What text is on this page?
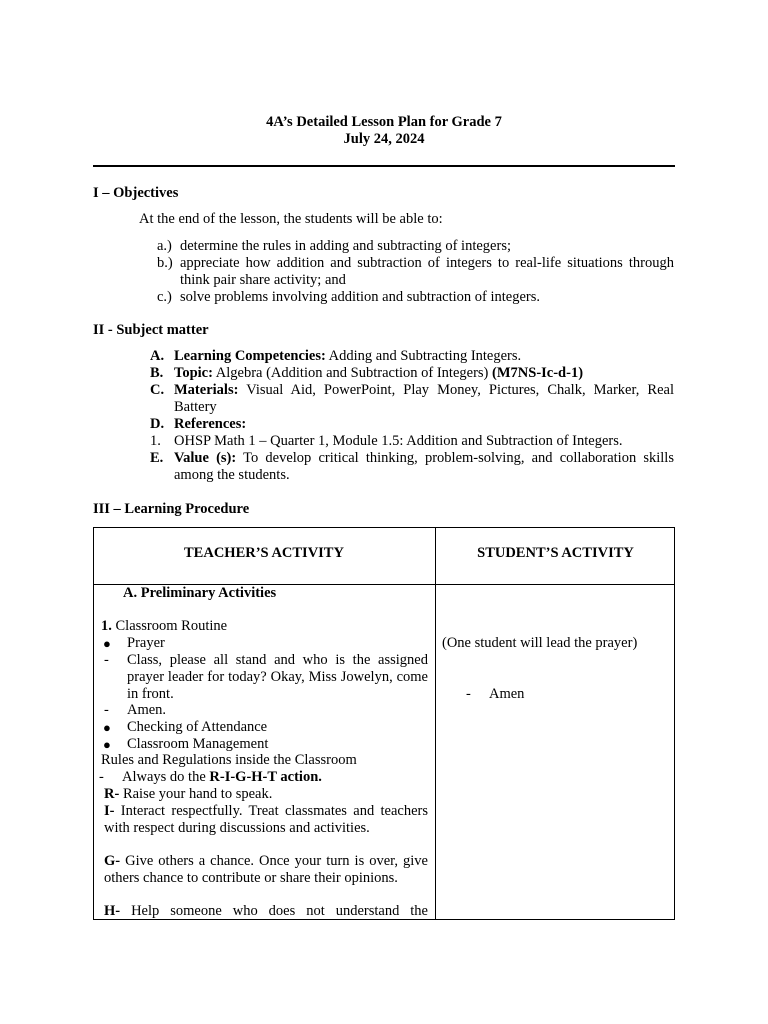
4A’s Detailed Lesson Plan for Grade 7
July 24, 2024
I – Objectives
At the end of the lesson, the students will be able to:
a.) determine the rules in adding and subtracting of integers;
b.) appreciate how addition and subtraction of integers to real-life situations through think pair share activity; and
c.) solve problems involving addition and subtraction of integers.
II - Subject matter
A. Learning Competencies: Adding and Subtracting Integers.
B. Topic: Algebra (Addition and Subtraction of Integers) (M7NS-Ic-d-1)
C. Materials: Visual Aid, PowerPoint, Play Money, Pictures, Chalk, Marker, Real Battery
D. References:
1. OHSP Math 1 – Quarter 1, Module 1.5: Addition and Subtraction of Integers.
E. Value (s): To develop critical thinking, problem-solving, and collaboration skills among the students.
III – Learning Procedure
TEACHER’S ACTIVITY	STUDENT’S ACTIVITY
A. Preliminary Activities
1. Classroom Routine
● Prayer
- Class, please all stand and who is the assigned prayer leader for today? Okay, Miss Jowelyn, come in front.
- Amen.
● Checking of Attendance
● Classroom Management
Rules and Regulations inside the Classroom
- Always do the R-I-G-H-T action.
R- Raise your hand to speak.
I- Interact respectfully. Treat classmates and teachers with respect during discussions and activities.
G- Give others a chance. Once your turn is over, give others chance to contribute or share their opinions.
H- Help someone who does not understand the
(One student will lead the prayer)
- Amen
